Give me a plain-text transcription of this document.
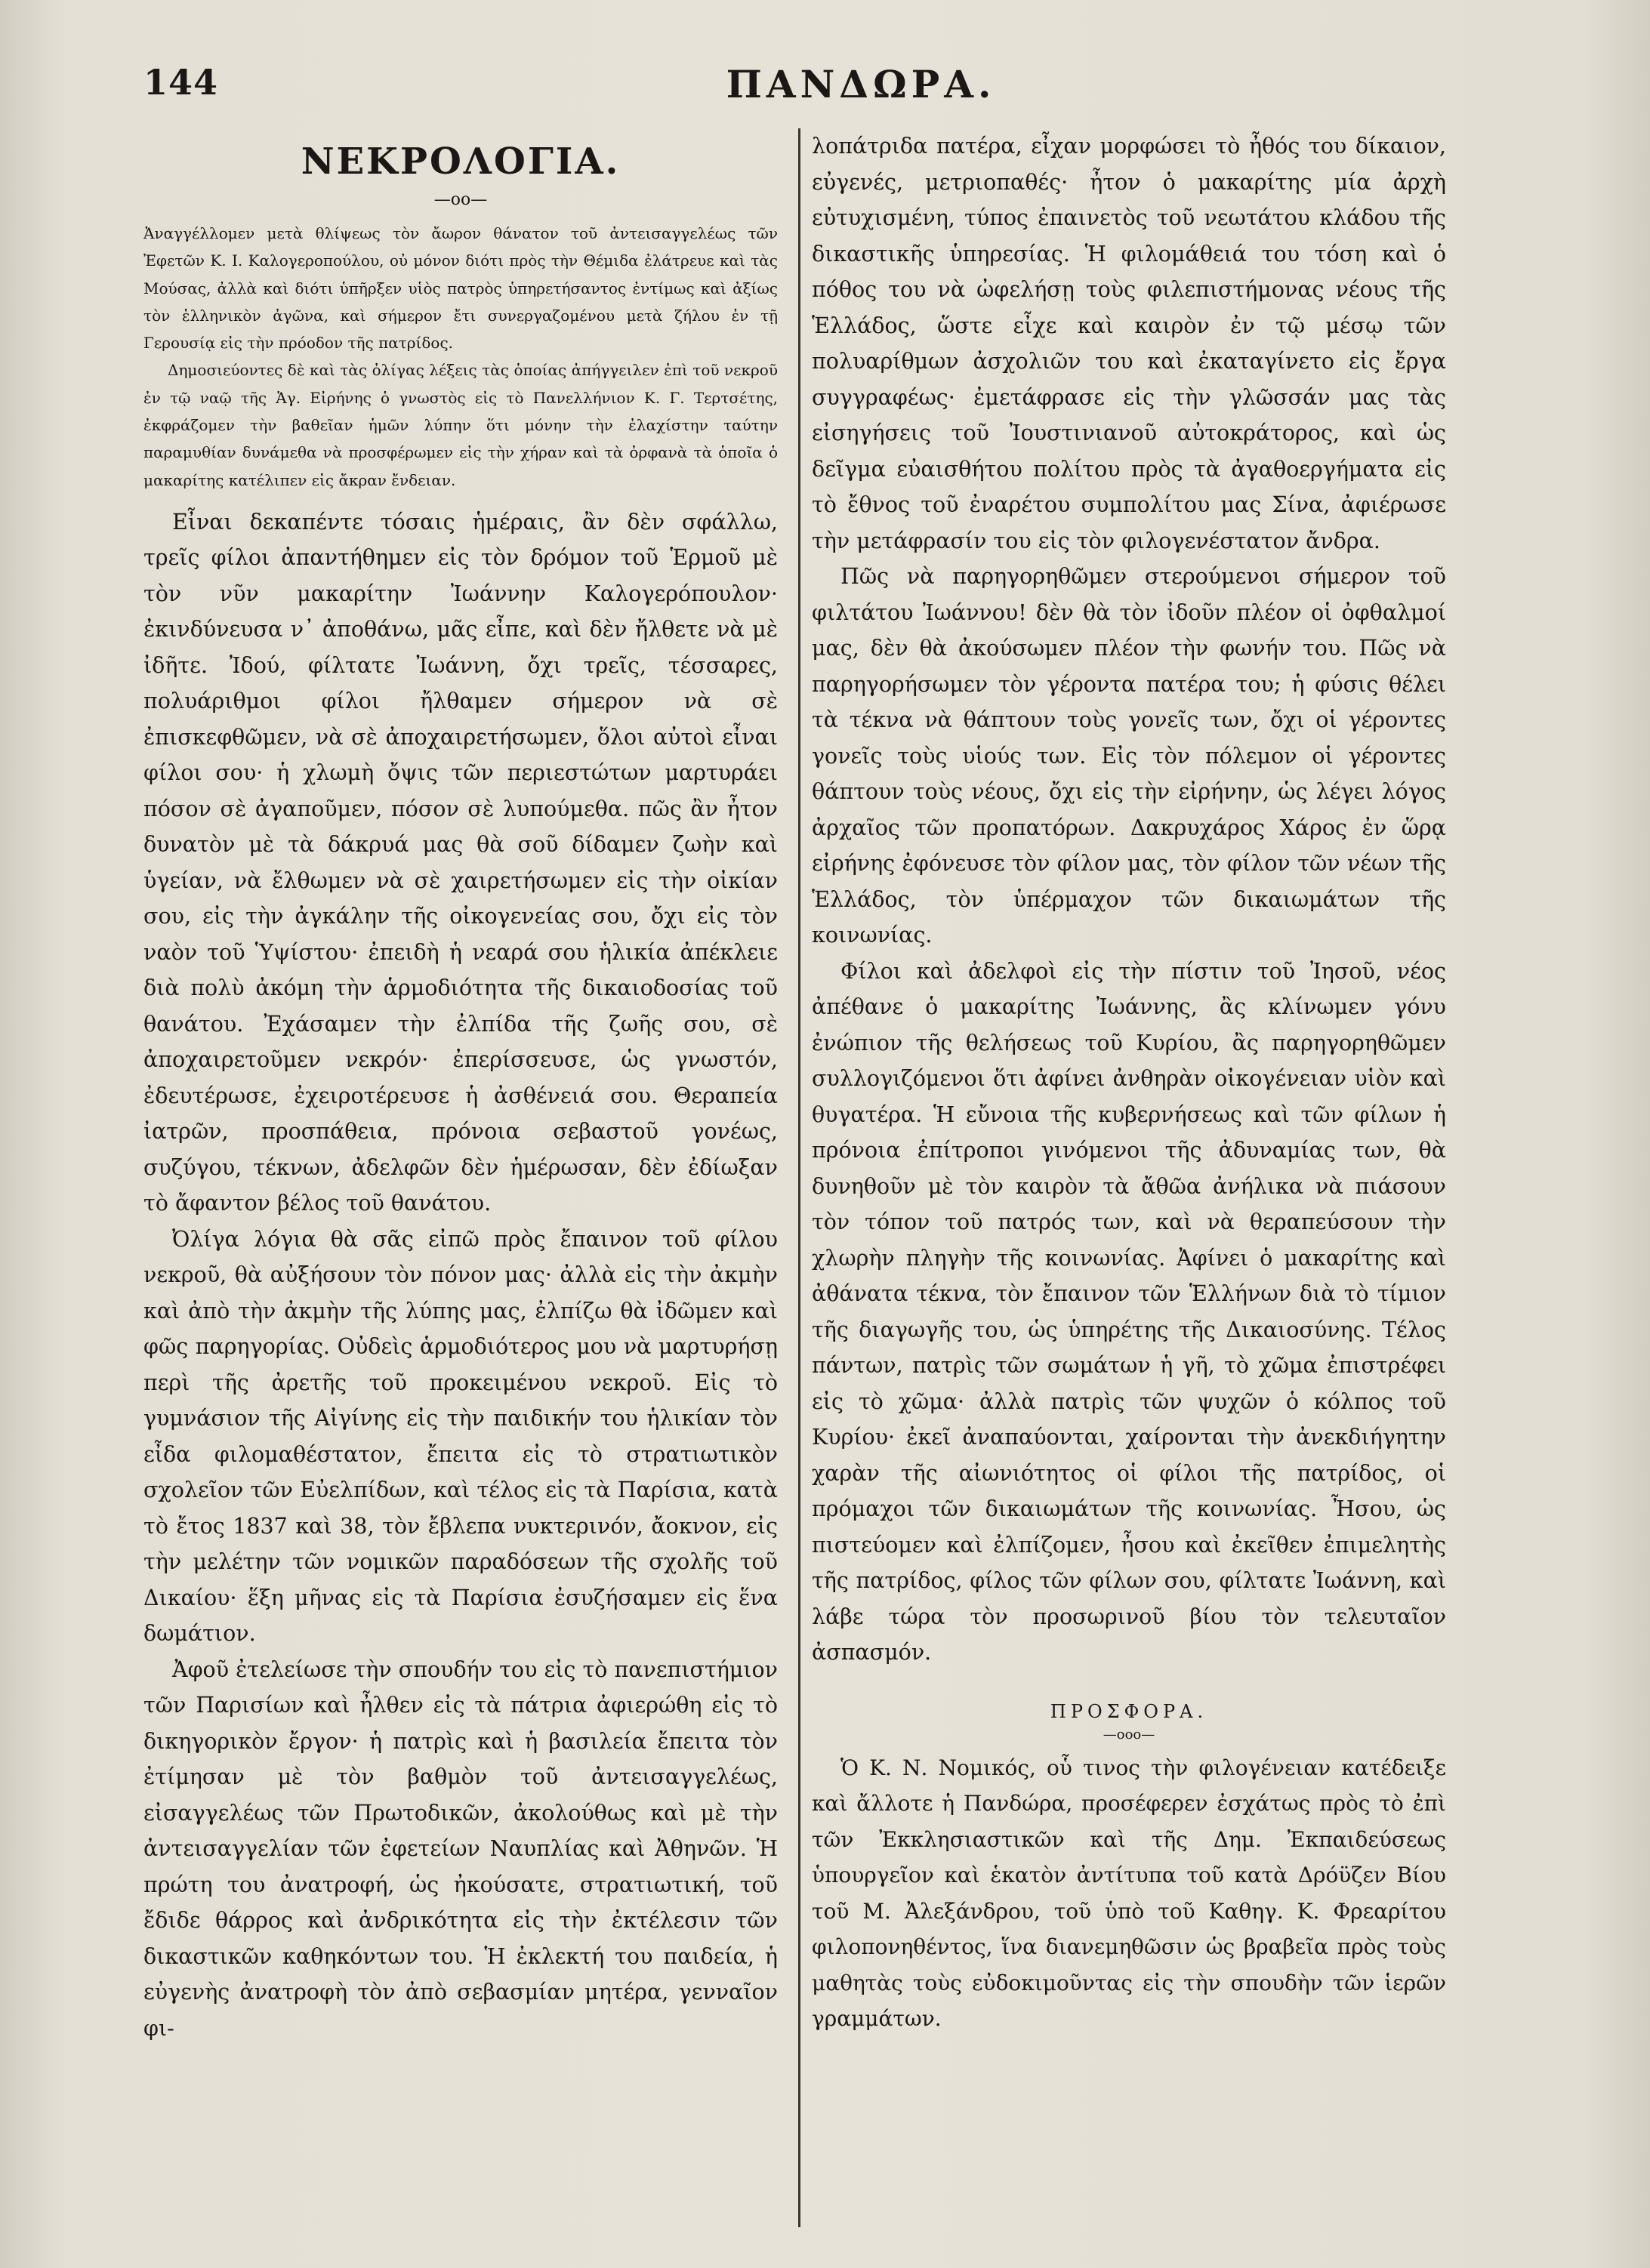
144	ΠΑΝΔΩΡΑ.
ΝΕΚΡΟΛΟΓΙΑ.
—oo—

Ἀναγγέλλομεν μετὰ θλίψεως τὸν ἄωρον θάνατον τοῦ ἀντεισαγγελέως τῶν Ἐφετῶν Κ. Ι. Καλογεροπούλου, οὐ μόνον διότι πρὸς τὴν Θέμιδα ἐλάτρευε καὶ τὰς Μούσας, ἀλλὰ καὶ διότι ὑπῆρξεν υἱὸς πατρὸς ὑπηρετήσαντος ἐντίμως καὶ ἀξίως τὸν ἑλληνικὸν ἀγῶνα, καὶ σήμερον ἔτι συνεργαζομένου μετὰ ζήλου ἐν τῇ Γερουσίᾳ εἰς τὴν πρόοδον τῆς πατρίδος.

Δημοσιεύοντες δὲ καὶ τὰς ὀλίγας λέξεις τὰς ὁποίας ἀπήγγειλεν ἐπὶ τοῦ νεκροῦ ἐν τῷ ναῷ τῆς Ἁγ. Εἰρήνης ὁ γνωστὸς εἰς τὸ Πανελλήνιον Κ. Γ. Τερτσέτης, ἐκφράζομεν τὴν βαθεῖαν ἡμῶν λύπην ὅτι μόνην τὴν ἐλαχίστην ταύτην παραμυθίαν δυνάμεθα νὰ προσφέρωμεν εἰς τὴν χήραν καὶ τὰ ὀρφανὰ τὰ ὁποῖα ὁ μακαρίτης κατέλιπεν εἰς ἄκραν ἔνδειαν.

Εἶναι δεκαπέντε τόσαις ἡμέραις, ἂν δὲν σφάλλω, τρεῖς φίλοι ἀπαντήθημεν εἰς τὸν δρόμον τοῦ Ἑρμοῦ μὲ τὸν νῦν μακαρίτην Ἰωάννην Καλογερόπουλον· ἐκινδύνευσα ν᾿ ἀποθάνω, μᾶς εἶπε, καὶ δὲν ἤλθετε νὰ μὲ ἰδῆτε. Ἰδού, φίλτατε Ἰωάννη, ὄχι τρεῖς, τέσσαρες, πολυάριθμοι φίλοι ἤλθαμεν σήμερον νὰ σὲ ἐπισκεφθῶμεν, νὰ σὲ ἀποχαιρετήσωμεν, ὅλοι αὐτοὶ εἶναι φίλοι σου· ἡ χλωμὴ ὄψις τῶν περιεστώτων μαρτυράει πόσον σὲ ἀγαποῦμεν, πόσον σὲ λυπούμεθα. πῶς ἂν ἦτον δυνατὸν μὲ τὰ δάκρυά μας θὰ σοῦ δίδαμεν ζωὴν καὶ ὑγείαν, νὰ ἔλθωμεν νὰ σὲ χαιρετήσωμεν εἰς τὴν οἰκίαν σου, εἰς τὴν ἀγκάλην τῆς οἰκογενείας σου, ὄχι εἰς τὸν ναὸν τοῦ Ὑψίστου· ἐπειδὴ ἡ νεαρά σου ἡλικία ἀπέκλειε διὰ πολὺ ἀκόμη τὴν ἁρμοδιότητα τῆς δικαιοδοσίας τοῦ θανάτου. Ἐχάσαμεν τὴν ἐλπίδα τῆς ζωῆς σου, σὲ ἀποχαιρετοῦμεν νεκρόν· ἐπερίσσευσε, ὡς γνωστόν, ἐδευτέρωσε, ἐχειροτέρευσε ἡ ἀσθένειά σου. Θεραπεία ἰατρῶν, προσπάθεια, πρόνοια σεβαστοῦ γονέως, συζύγου, τέκνων, ἀδελφῶν δὲν ἡμέρωσαν, δὲν ἐδίωξαν τὸ ἄφαντον βέλος τοῦ θανάτου.

Ὀλίγα λόγια θὰ σᾶς εἰπῶ πρὸς ἔπαινον τοῦ φίλου νεκροῦ, θὰ αὐξήσουν τὸν πόνον μας· ἀλλὰ εἰς τὴν ἀκμὴν καὶ ἀπὸ τὴν ἀκμὴν τῆς λύπης μας, ἐλπίζω θὰ ἰδῶμεν καὶ φῶς παρηγορίας. Οὐδεὶς ἁρμοδιότερος μου νὰ μαρτυρήσῃ περὶ τῆς ἀρετῆς τοῦ προκειμένου νεκροῦ. Εἰς τὸ γυμνάσιον τῆς Αἰγίνης εἰς τὴν παιδικήν του ἡλικίαν τὸν εἶδα φιλομαθέστατον, ἔπειτα εἰς τὸ στρατιωτικὸν σχολεῖον τῶν Εὐελπίδων, καὶ τέλος εἰς τὰ Παρίσια, κατὰ τὸ ἔτος 1837 καὶ 38, τὸν ἔβλεπα νυκτερινόν, ἄοκνον, εἰς τὴν μελέτην τῶν νομικῶν παραδόσεων τῆς σχολῆς τοῦ Δικαίου· ἕξη μῆνας εἰς τὰ Παρίσια ἐσυζήσαμεν εἰς ἕνα δωμάτιον.

Ἀφοῦ ἐτελείωσε τὴν σπουδήν του εἰς τὸ πανεπιστήμιον τῶν Παρισίων καὶ ἦλθεν εἰς τὰ πάτρια ἀφιερώθη εἰς τὸ δικηγορικὸν ἔργον· ἡ πατρὶς καὶ ἡ βασιλεία ἔπειτα τὸν ἐτίμησαν μὲ τὸν βαθμὸν τοῦ ἀντεισαγγελέως, εἰσαγγελέως τῶν Πρωτοδικῶν, ἀκολούθως καὶ μὲ τὴν ἀντεισαγγελίαν τῶν ἐφετείων Ναυπλίας καὶ Ἀθηνῶν. Ἡ πρώτη του ἀνατροφή, ὡς ἠκούσατε, στρατιωτική, τοῦ ἔδιδε θάρρος καὶ ἀνδρικότητα εἰς τὴν ἐκτέλεσιν τῶν δικαστικῶν καθηκόντων του. Ἡ ἐκλεκτή του παιδεία, ἡ εὐγενὴς ἀνατροφὴ τὸν ἀπὸ σεβασμίαν μητέρα, γενναῖον φι-

λοπάτριδα πατέρα, εἶχαν μορφώσει τὸ ἦθός του δίκαιον, εὐγενές, μετριοπαθές· ἦτον ὁ μακαρίτης μία ἀρχὴ εὐτυχισμένη, τύπος ἐπαινετὸς τοῦ νεωτάτου κλάδου τῆς δικαστικῆς ὑπηρεσίας. Ἡ φιλομάθειά του τόση καὶ ὁ πόθος του νὰ ὠφελήσῃ τοὺς φιλεπιστήμονας νέους τῆς Ἑλλάδος, ὥστε εἶχε καὶ καιρὸν ἐν τῷ μέσῳ τῶν πολυαρίθμων ἀσχολιῶν του καὶ ἐκαταγίνετο εἰς ἔργα συγγραφέως· ἐμετάφρασε εἰς τὴν γλῶσσάν μας τὰς εἰσηγήσεις τοῦ Ἰουστινιανοῦ αὐτοκράτορος, καὶ ὡς δεῖγμα εὐαισθήτου πολίτου πρὸς τὰ ἀγαθοεργήματα εἰς τὸ ἔθνος τοῦ ἐναρέτου συμπολίτου μας Σίνα, ἀφιέρωσε τὴν μετάφρασίν του εἰς τὸν φιλογενέστατον ἄνδρα.

Πῶς νὰ παρηγορηθῶμεν στερούμενοι σήμερον τοῦ φιλτάτου Ἰωάννου! δὲν θὰ τὸν ἰδοῦν πλέον οἱ ὀφθαλμοί μας, δὲν θὰ ἀκούσωμεν πλέον τὴν φωνήν του. Πῶς νὰ παρηγορήσωμεν τὸν γέροντα πατέρα του; ἡ φύσις θέλει τὰ τέκνα νὰ θάπτουν τοὺς γονεῖς των, ὄχι οἱ γέροντες γονεῖς τοὺς υἱούς των. Εἰς τὸν πόλεμον οἱ γέροντες θάπτουν τοὺς νέους, ὄχι εἰς τὴν εἰρήνην, ὡς λέγει λόγος ἀρχαῖος τῶν προπατόρων. Δακρυχάρος Χάρος ἐν ὥρᾳ εἰρήνης ἐφόνευσε τὸν φίλον μας, τὸν φίλον τῶν νέων τῆς Ἑλλάδος, τὸν ὑπέρμαχον τῶν δικαιωμάτων τῆς κοινωνίας.

Φίλοι καὶ ἀδελφοὶ εἰς τὴν πίστιν τοῦ Ἰησοῦ, νέος ἀπέθανε ὁ μακαρίτης Ἰωάννης, ἂς κλίνωμεν γόνυ ἐνώπιον τῆς θελήσεως τοῦ Κυρίου, ἂς παρηγορηθῶμεν συλλογιζόμενοι ὅτι ἀφίνει ἀνθηρὰν οἰκογένειαν υἱὸν καὶ θυγατέρα. Ἡ εὔνοια τῆς κυβερνήσεως καὶ τῶν φίλων ἡ πρόνοια ἐπίτροποι γινόμενοι τῆς ἀδυναμίας των, θὰ δυνηθοῦν μὲ τὸν καιρὸν τὰ ἄθῶα ἀνήλικα νὰ πιάσουν τὸν τόπον τοῦ πατρός των, καὶ νὰ θεραπεύσουν τὴν χλωρὴν πληγὴν τῆς κοινωνίας. Ἀφίνει ὁ μακαρίτης καὶ ἀθάνατα τέκνα, τὸν ἔπαινον τῶν Ἑλλήνων διὰ τὸ τίμιον τῆς διαγωγῆς του, ὡς ὑπηρέτης τῆς Δικαιοσύνης. Τέλος πάντων, πατρὶς τῶν σωμάτων ἡ γῆ, τὸ χῶμα ἐπιστρέφει εἰς τὸ χῶμα· ἀλλὰ πατρὶς τῶν ψυχῶν ὁ κόλπος τοῦ Κυρίου· ἐκεῖ ἀναπαύονται, χαίρονται τὴν ἀνεκδιήγητην χαρὰν τῆς αἰωνιότητος οἱ φίλοι τῆς πατρίδος, οἱ πρόμαχοι τῶν δικαιωμάτων τῆς κοινωνίας. Ἦσου, ὡς πιστεύομεν καὶ ἐλπίζομεν, ἦσου καὶ ἐκεῖθεν ἐπιμελητὴς τῆς πατρίδος, φίλος τῶν φίλων σου, φίλτατε Ἰωάννη, καὶ λάβε τώρα τὸν προσωρινοῦ βίου τὸν τελευταῖον ἀσπασμόν.

ΠΡΟΣΦΟΡΑ.
—ooo—

Ὁ Κ. Ν. Νομικός, οὗ τινος τὴν φιλογένειαν κατέδειξε καὶ ἄλλοτε ἡ Πανδώρα, προσέφερεν ἐσχάτως πρὸς τὸ ἐπὶ τῶν Ἐκκλησιαστικῶν καὶ τῆς Δημ. Ἐκπαιδεύσεως ὑπουργεῖον καὶ ἑκατὸν ἀντίτυπα τοῦ κατὰ Δρόϋζεν Βίου τοῦ Μ. Ἀλεξάνδρου, τοῦ ὑπὸ τοῦ Καθηγ. Κ. Φρεαρίτου φιλοπονηθέντος, ἵνα διανεμηθῶσιν ὡς βραβεῖα πρὸς τοὺς μαθητὰς τοὺς εὐδοκιμοῦντας εἰς τὴν σπουδὴν τῶν ἱερῶν γραμμάτων.
